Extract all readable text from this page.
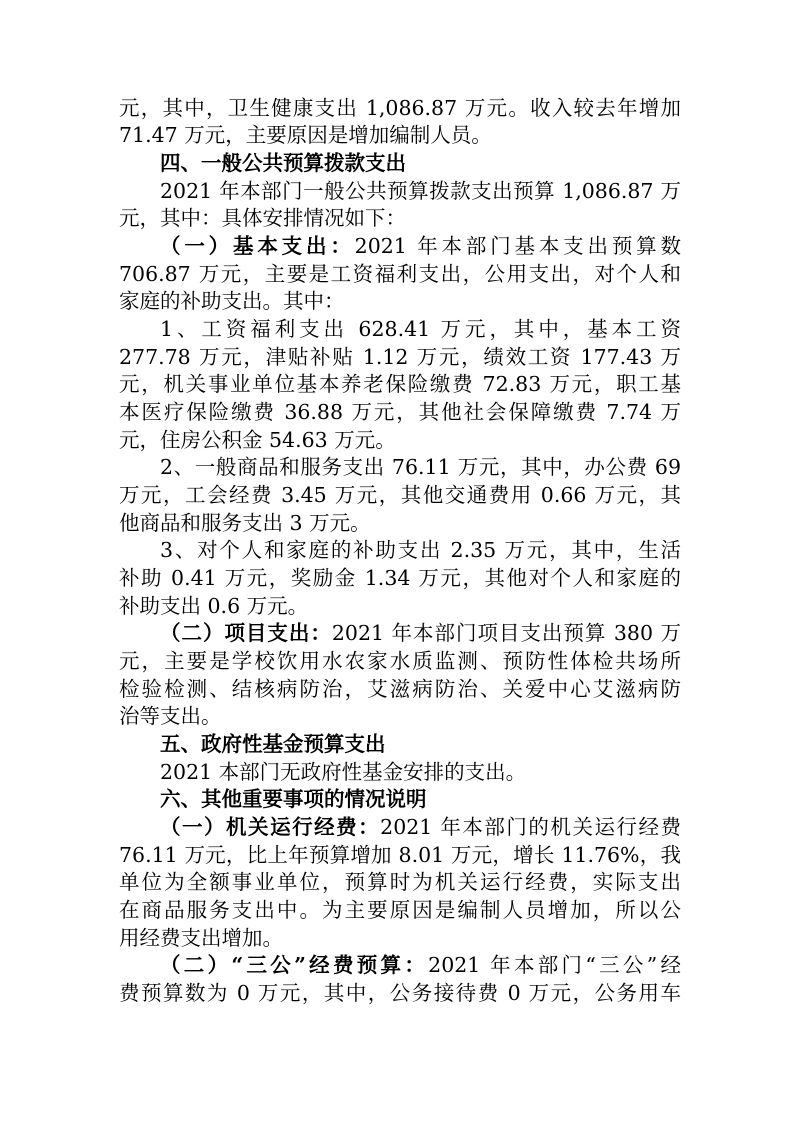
元，其中，卫生健康支出 1,086.87 万元。收入较去年增加
71.47 万元，主要原因是增加编制人员。
四、一般公共预算拨款支出
2021 年本部门一般公共预算拨款支出预算 1,086.87 万
元，其中：具体安排情况如下：
（一）基本支出：2021 年本部门基本支出预算数
706.87 万元，主要是工资福利支出，公用支出，对个人和
家庭的补助支出。其中：
1、工资福利支出 628.41 万元，其中，基本工资
277.78 万元，津贴补贴 1.12 万元，绩效工资 177.43 万
元，机关事业单位基本养老保险缴费 72.83 万元，职工基
本医疗保险缴费 36.88 万元，其他社会保障缴费 7.74 万
元，住房公积金 54.63 万元。
2、一般商品和服务支出 76.11 万元，其中，办公费 69
万元，工会经费 3.45 万元，其他交通费用 0.66 万元，其
他商品和服务支出 3 万元。
3、对个人和家庭的补助支出 2.35 万元，其中，生活
补助 0.41 万元，奖励金 1.34 万元，其他对个人和家庭的
补助支出 0.6 万元。
（二）项目支出：2021 年本部门项目支出预算 380 万
元，主要是学校饮用水农家水质监测、预防性体检共场所
检验检测、结核病防治，艾滋病防治、关爱中心艾滋病防
治等支出。
五、政府性基金预算支出
2021 本部门无政府性基金安排的支出。
六、其他重要事项的情况说明
（一）机关运行经费：2021 年本部门的机关运行经费
76.11 万元，比上年预算增加 8.01 万元，增长 11.76%，我
单位为全额事业单位，预算时为机关运行经费，实际支出
在商品服务支出中。为主要原因是编制人员增加，所以公
用经费支出增加。
（二）“三公”经费预算：2021 年本部门“三公”经
费预算数为 0 万元，其中，公务接待费 0 万元，公务用车
